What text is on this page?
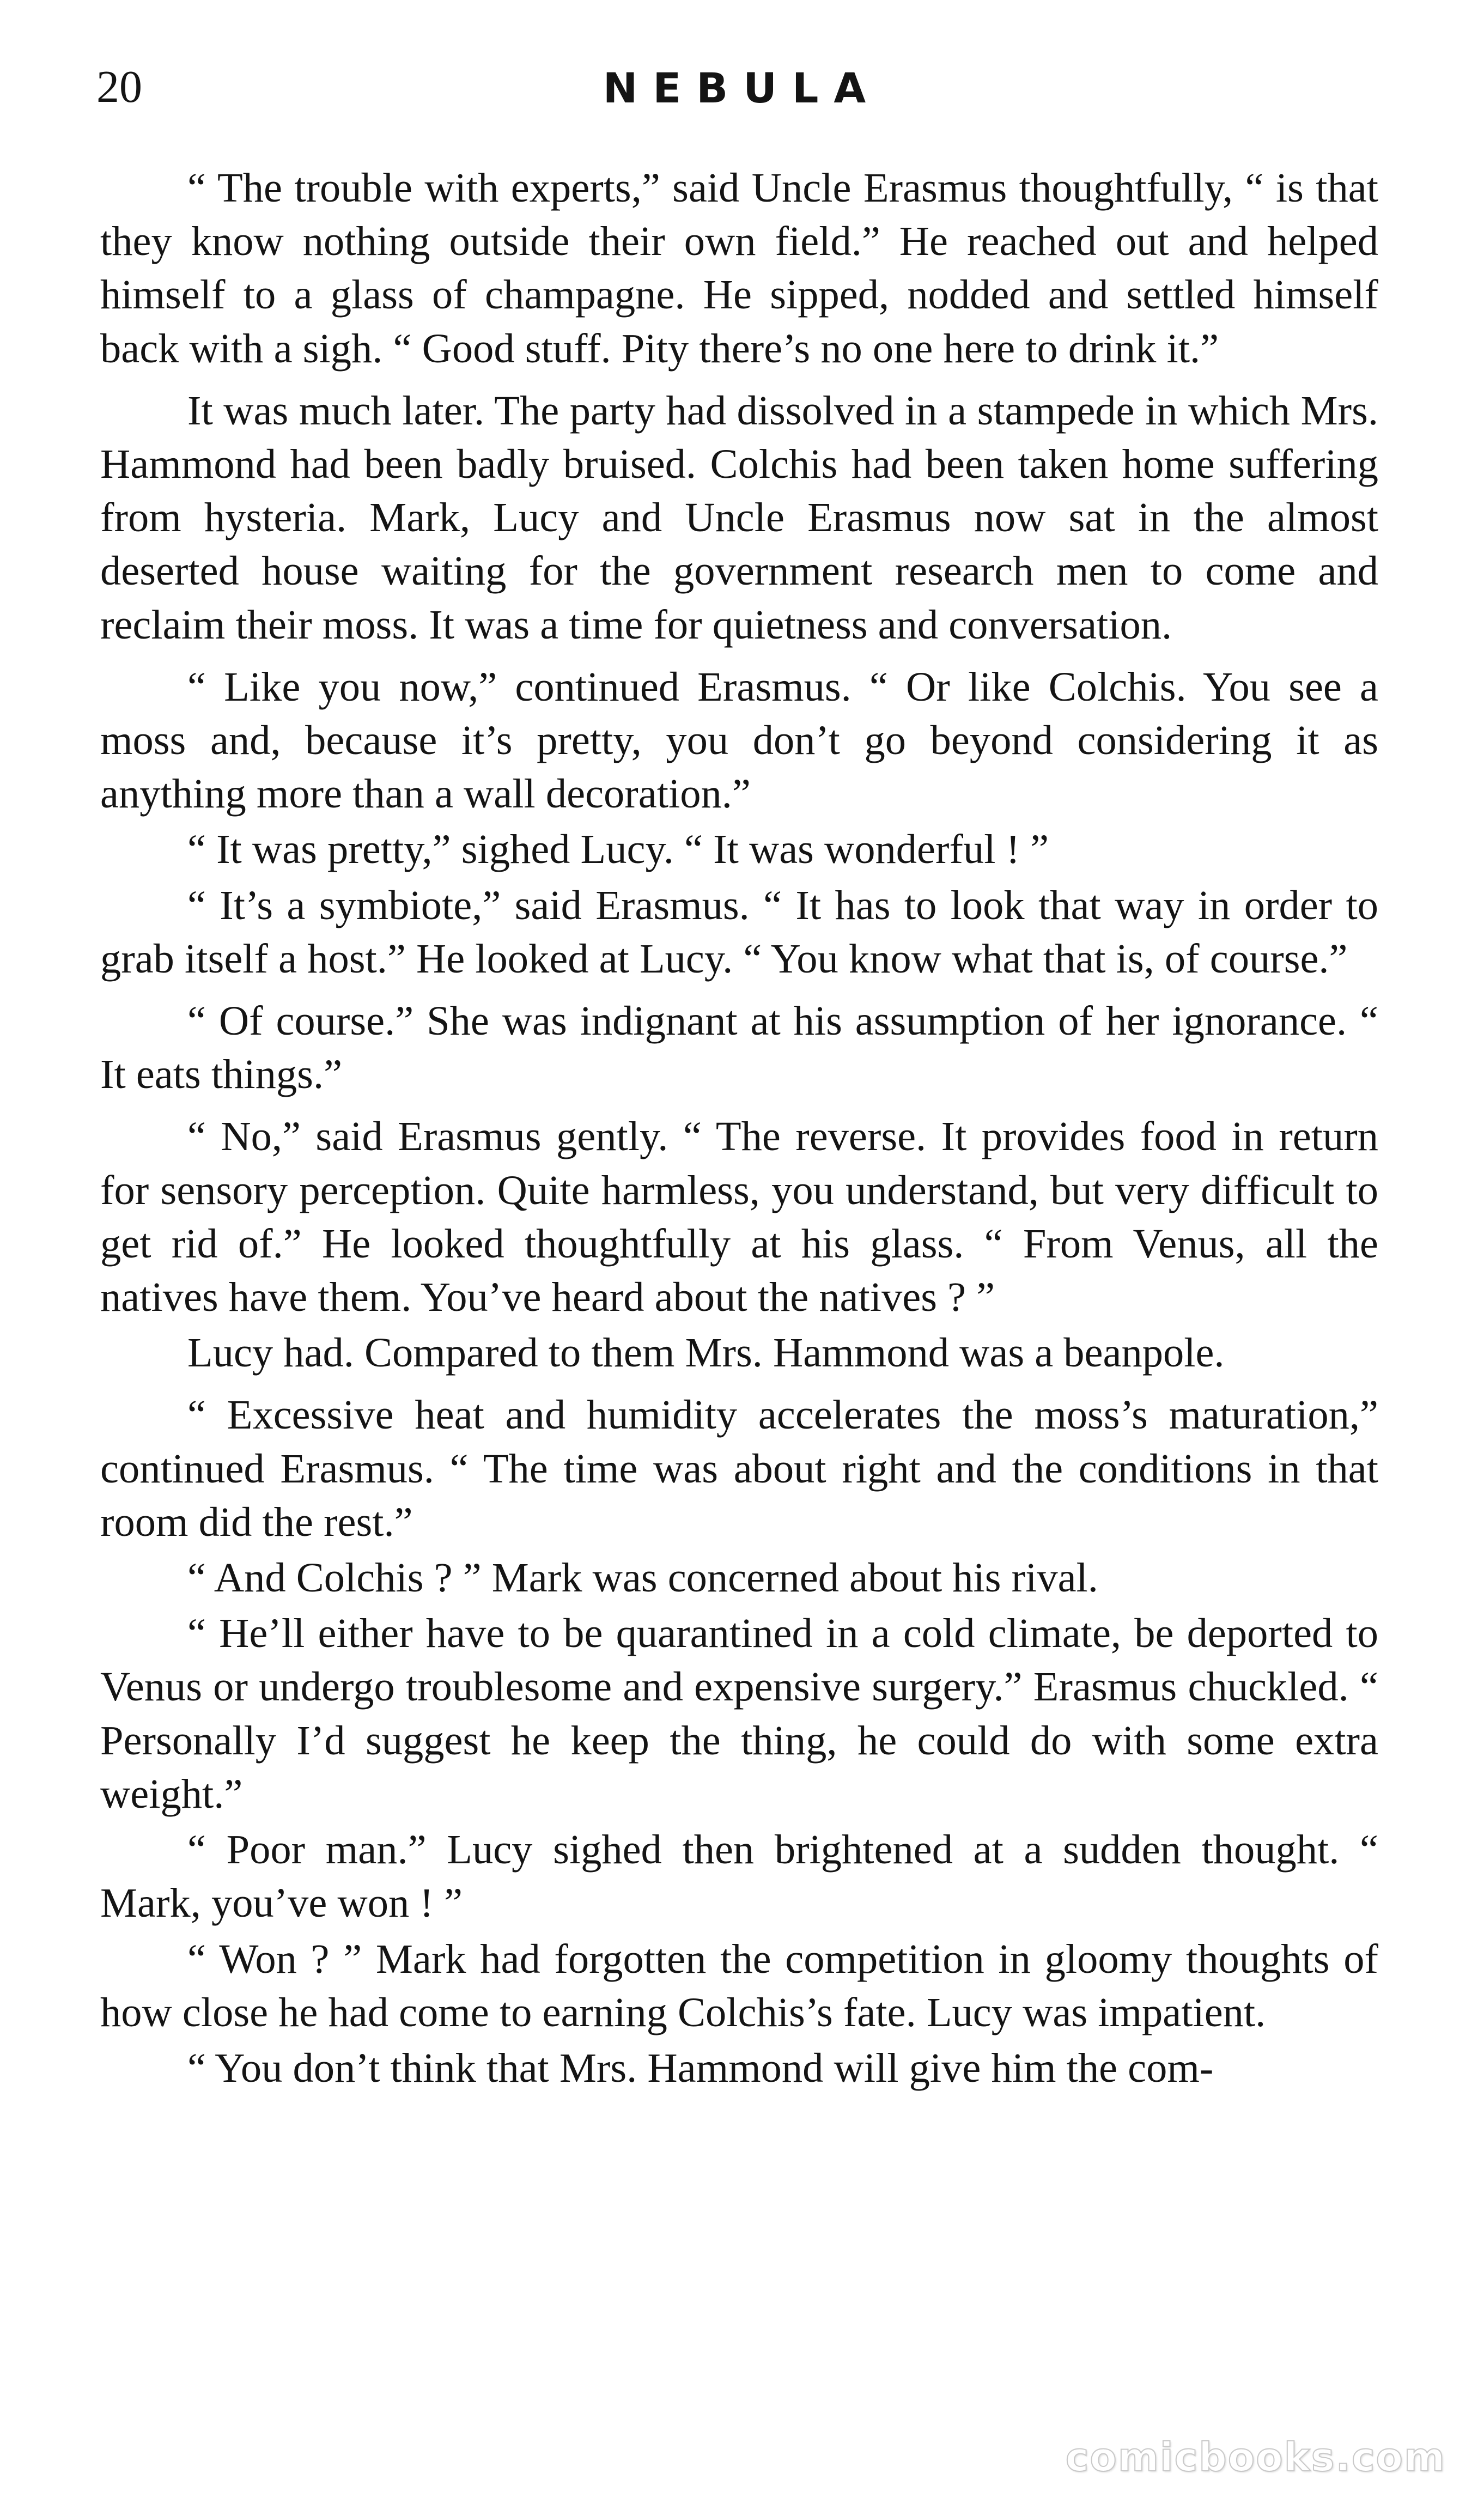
20	NEBULA

“ The trouble with experts,” said Uncle Erasmus thoughtfully, “ is that they know nothing outside their own field.” He reached out and helped himself to a glass of champagne. He sipped, nodded and settled himself back with a sigh. “ Good stuff. Pity there’s no one here to drink it.”

It was much later. The party had dissolved in a stampede in which Mrs. Hammond had been badly bruised. Colchis had been taken home suffering from hysteria. Mark, Lucy and Uncle Erasmus now sat in the almost deserted house waiting for the government research men to come and reclaim their moss. It was a time for quietness and conversation.

“ Like you now,” continued Erasmus. “ Or like Colchis. You see a moss and, because it’s pretty, you don’t go beyond considering it as anything more than a wall decoration.”

“ It was pretty,” sighed Lucy. “ It was wonderful ! ”

“ It’s a symbiote,” said Erasmus. “ It has to look that way in order to grab itself a host.” He looked at Lucy. “ You know what that is, of course.”

“ Of course.” She was indignant at his assumption of her ignorance. “ It eats things.”

“ No,” said Erasmus gently. “ The reverse. It provides food in return for sensory perception. Quite harmless, you understand, but very difficult to get rid of.” He looked thoughtfully at his glass. “ From Venus, all the natives have them. You’ve heard about the natives ? ”

Lucy had. Compared to them Mrs. Hammond was a beanpole.

“ Excessive heat and humidity accelerates the moss’s maturation,” continued Erasmus. “ The time was about right and the conditions in that room did the rest.”

“ And Colchis ? ” Mark was concerned about his rival.

“ He’ll either have to be quarantined in a cold climate, be deported to Venus or undergo troublesome and expensive surgery.” Erasmus chuckled. “ Personally I’d suggest he keep the thing, he could do with some extra weight.”

“ Poor man.” Lucy sighed then brightened at a sudden thought. “ Mark, you’ve won ! ”

“ Won ? ” Mark had forgotten the competition in gloomy thoughts of how close he had come to earning Colchis’s fate. Lucy was impatient.

“ You don’t think that Mrs. Hammond will give him the com-

comicbooks.com
